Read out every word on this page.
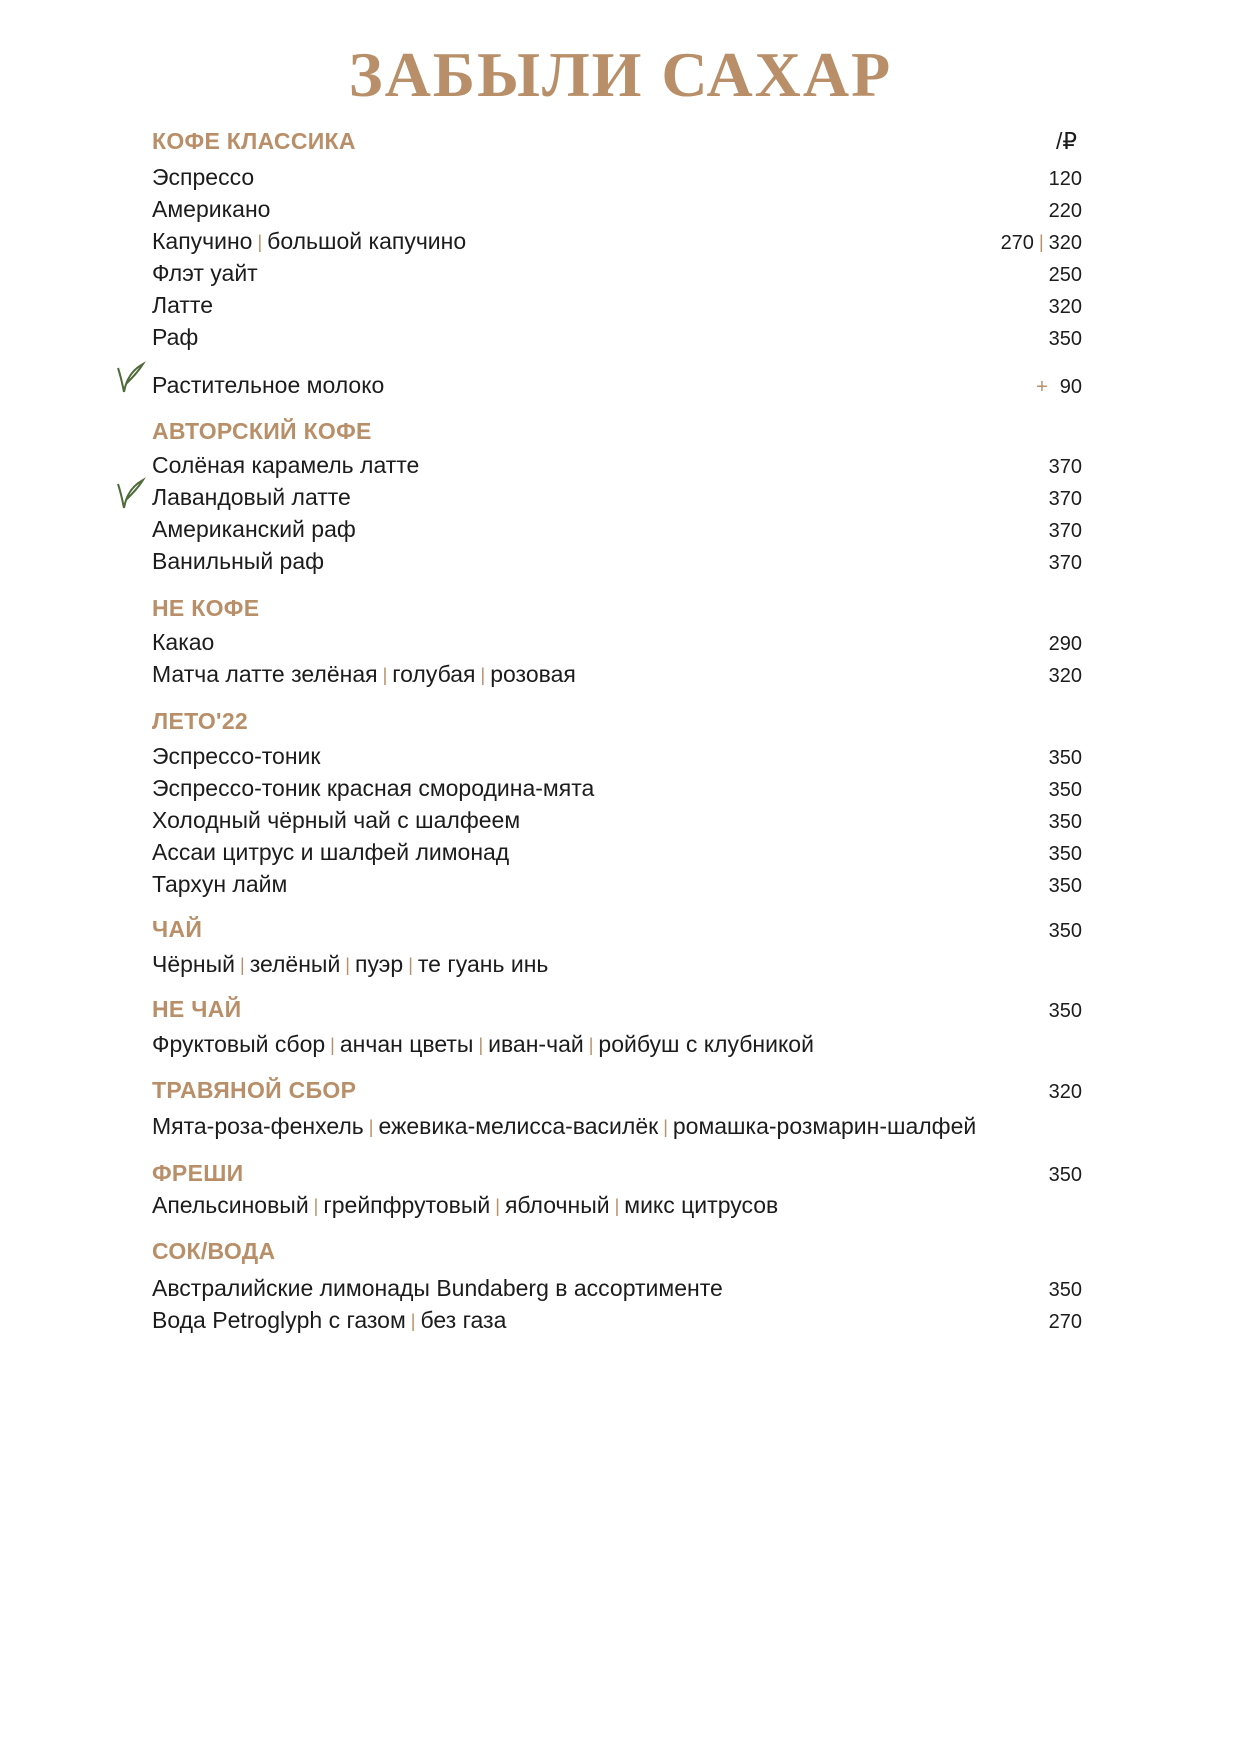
ЗАБЫЛИ САХАР
КОФЕ КЛАССИКА	/₽
Эспрессо	120
Американо	220
Капучино | большой капучино	270 | 320
Флэт уайт	250
Латте	320
Раф	350
Растительное молоко	+ 90
АВТОРСКИЙ КОФЕ
Солёная карамель латте	370
Лавандовый латте	370
Американский раф	370
Ванильный раф	370
НЕ КОФЕ
Какао	290
Матча латте зелёная | голубая | розовая	320
ЛЕТО'22
Эспрессо-тоник	350
Эспрессо-тоник красная смородина-мята	350
Холодный чёрный чай с шалфеем	350
Ассаи цитрус и шалфей лимонад	350
Тархун лайм	350
ЧАЙ	350
Чёрный | зелёный | пуэр | те гуань инь
НЕ ЧАЙ	350
Фруктовый сбор | анчан цветы | иван-чай | ройбуш с клубникой
ТРАВЯНОЙ СБОР	320
Мята-роза-фенхель | ежевика-мелисса-василёк | ромашка-розмарин-шалфей
ФРЕШИ	350
Апельсиновый | грейпфрутовый | яблочный | микс цитрусов
СОК/ВОДА
Австралийские лимонады Bundaberg в ассортименте	350
Вода Petroglyph с газом | без газа	270
